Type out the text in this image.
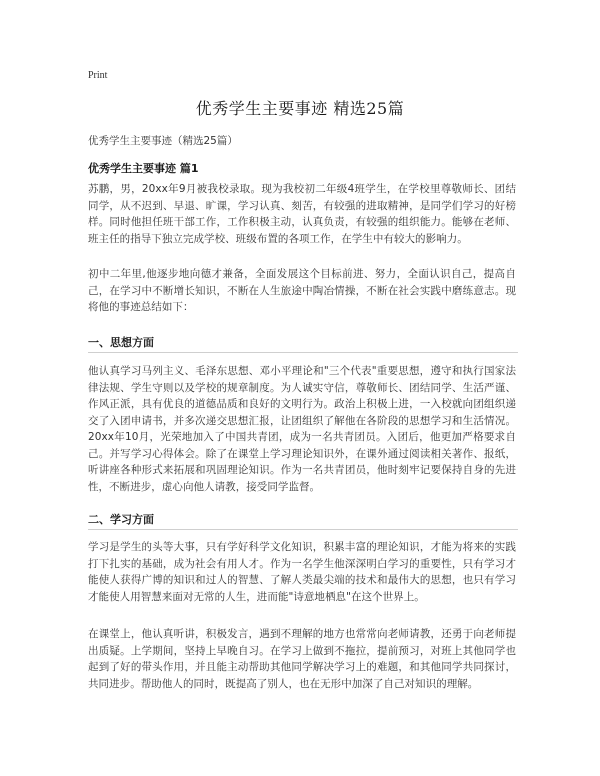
Print
优秀学生主要事迹 精选25篇
优秀学生主要事迹（精选25篇）
优秀学生主要事迹 篇1
苏鹏，男，20xx年9月被我校录取。现为我校初二年级4班学生，在学校里尊敬师长、团结同学，从不迟到、早退、旷课，学习认真、刻苦，有较强的进取精神，是同学们学习的好榜样。同时他担任班干部工作，工作积极主动，认真负责，有较强的组织能力。能够在老师、班主任的指导下独立完成学校、班级布置的各项工作，在学生中有较大的影响力。
初中二年里,他逐步地向德才兼备，全面发展这个目标前进、努力，全面认识自己，提高自己，在学习中不断增长知识，不断在人生旅途中陶冶情操，不断在社会实践中磨练意志。现将他的事迹总结如下：
一、思想方面
他认真学习马列主义、毛泽东思想、邓小平理论和"三个代表"重要思想，遵守和执行国家法律法规、学生守则以及学校的规章制度。为人诚实守信，尊敬师长、团结同学、生活严谨、作风正派，具有优良的道德品质和良好的文明行为。政治上积极上进，一入校就向团组织递交了入团申请书，并多次递交思想汇报，让团组织了解他在各阶段的思想学习和生活情况。20xx年10月，光荣地加入了中国共青团，成为一名共青团员。入团后，他更加严格要求自己。并写学习心得体会。除了在课堂上学习理论知识外，在课外通过阅读相关著作、报纸，听讲座各种形式来拓展和巩固理论知识。作为一名共青团员，他时刻牢记要保持自身的先进性，不断进步，虚心向他人请教，接受同学监督。
二、学习方面
学习是学生的头等大事，只有学好科学文化知识，积累丰富的理论知识，才能为将来的实践打下扎实的基础，成为社会有用人才。作为一名学生他深深明白学习的重要性，只有学习才能使人获得广博的知识和过人的智慧、了解人类最尖端的技术和最伟大的思想，也只有学习才能使人用智慧来面对无常的人生，进而能"诗意地栖息"在这个世界上。
在课堂上，他认真听讲，积极发言，遇到不理解的地方也常常向老师请教，还勇于向老师提出质疑。上学期间，坚持上早晚自习。在学习上做到不拖拉，提前预习，对班上其他同学也起到了好的带头作用，并且能主动帮助其他同学解决学习上的难题，和其他同学共同探讨，共同进步。帮助他人的同时，既提高了别人，也在无形中加深了自己对知识的理解。
